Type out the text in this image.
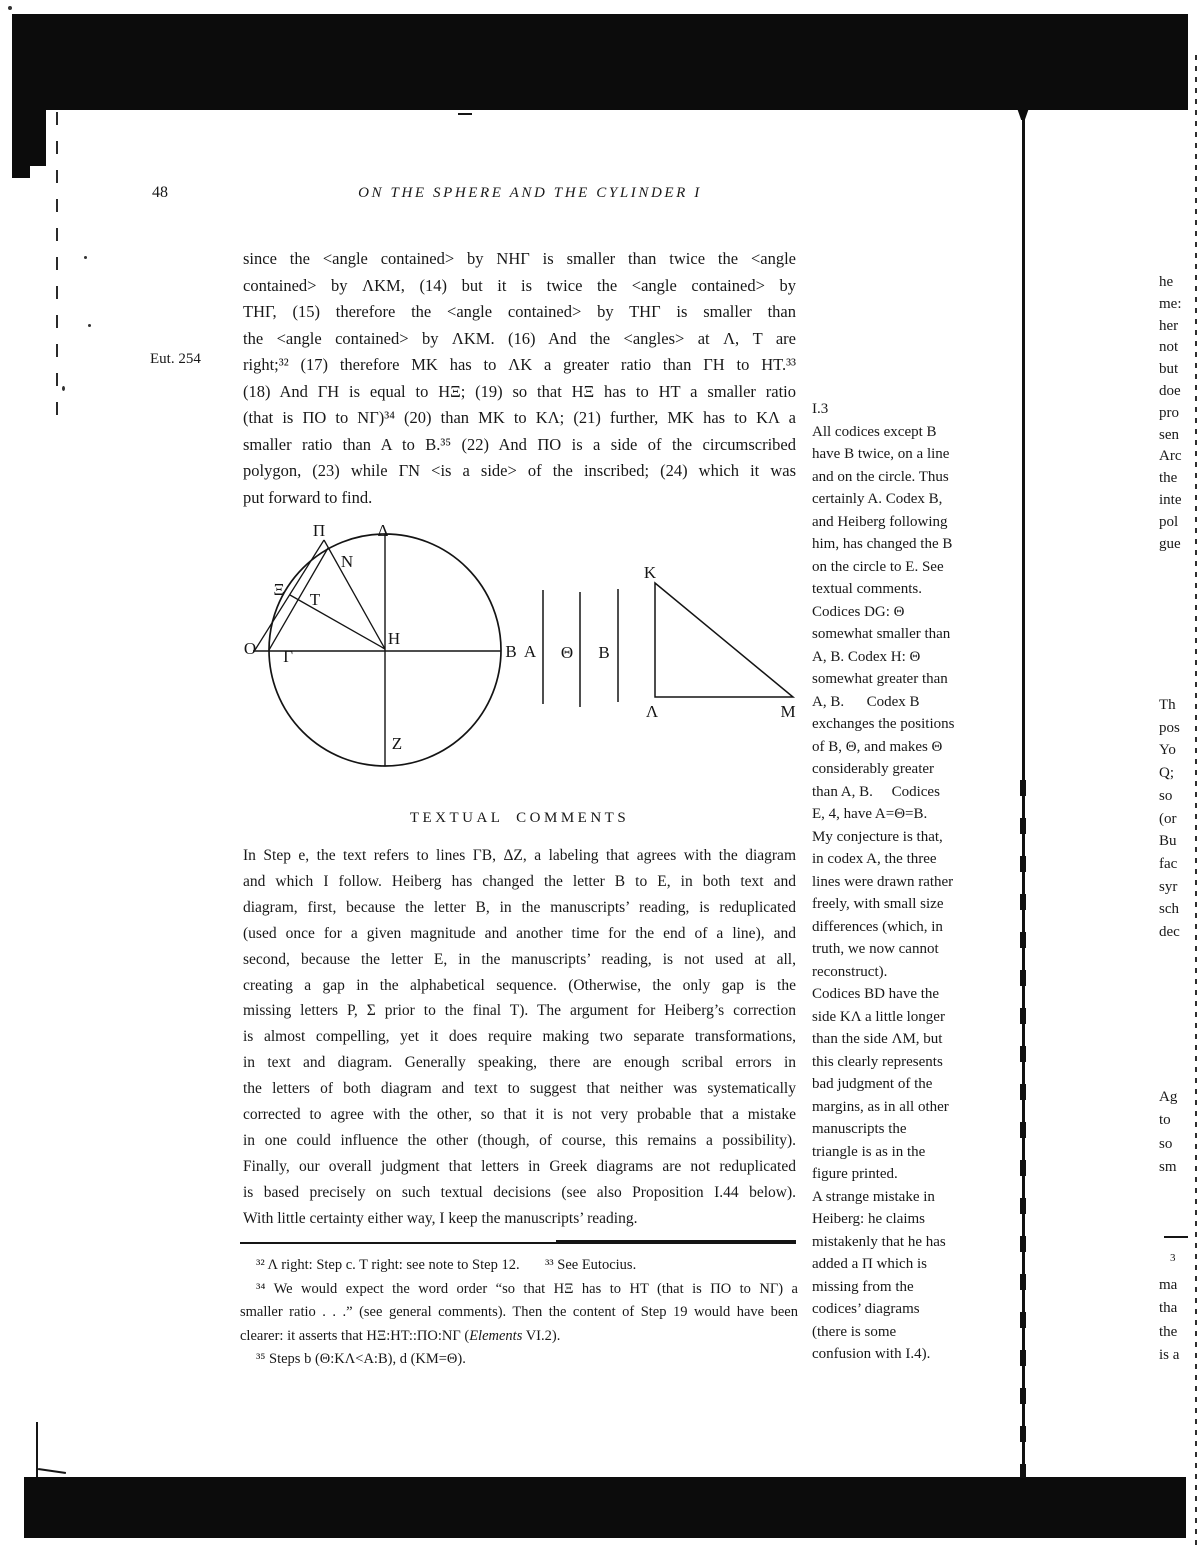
48	ON THE SPHERE AND THE CYLINDER I
Eut. 254
since the <angle contained> by NHΓ is smaller than twice the <angle
contained> by ΛKM, (14) but it is twice the <angle contained> by
THΓ, (15) therefore the <angle contained> by THΓ is smaller than
the <angle contained> by ΛKM. (16) And the <angles> at Λ, T are
right;³² (17) therefore MK has to ΛK a greater ratio than ΓH to HT.³³
(18) And ΓH is equal to HΞ; (19) so that HΞ has to HT a smaller ratio
(that is ΠO to NΓ)³⁴ (20) than MK to KΛ; (21) further, MK has to KΛ a
smaller ratio than A to B.³⁵ (22) And ΠO is a side of the circumscribed
polygon, (23) while ΓN <is a side> of the inscribed; (24) which it was
put forward to find.
Π	Δ
N
Ξ
T
O Γ
H
B A Θ B
K
Λ	M
Z
TEXTUAL COMMENTS
In Step e, the text refers to lines ΓB, ΔZ, a labeling that agrees with the diagram
and which I follow. Heiberg has changed the letter B to E, in both text and
diagram, first, because the letter B, in the manuscripts’ reading, is reduplicated
(used once for a given magnitude and another time for the end of a line), and
second, because the letter E, in the manuscripts’ reading, is not used at all,
creating a gap in the alphabetical sequence. (Otherwise, the only gap is the
missing letters P, Σ prior to the final T). The argument for Heiberg’s correction
is almost compelling, yet it does require making two separate transformations,
in text and diagram. Generally speaking, there are enough scribal errors in
the letters of both diagram and text to suggest that neither was systematically
corrected to agree with the other, so that it is not very probable that a mistake
in one could influence the other (though, of course, this remains a possibility).
Finally, our overall judgment that letters in Greek diagrams are not reduplicated
is based precisely on such textual decisions (see also Proposition I.44 below).
With little certainty either way, I keep the manuscripts’ reading.
³² Λ right: Step c. T right: see note to Step 12.       ³³ See Eutocius.
³⁴ We would expect the word order “so that HΞ has to HT (that is ΠO to NΓ) a
smaller ratio . . .” (see general comments). Then the content of Step 19 would have been
clearer: it asserts that HΞ:HT::ΠO:NΓ (Elements VI.2).
³⁵ Steps b (Θ:KΛ<A:B), d (KM=Θ).
I.3
All codices except B
have B twice, on a line
and on the circle. Thus
certainly A. Codex B,
and Heiberg following
him, has changed the B
on the circle to E. See
textual comments.
Codices DG: Θ
somewhat smaller than
A, B. Codex H: Θ
somewhat greater than
A, B.      Codex B
exchanges the positions
of B, Θ, and makes Θ
considerably greater
than A, B.     Codices
E, 4, have A=Θ=B.
My conjecture is that,
in codex A, the three
lines were drawn rather
freely, with small size
differences (which, in
truth, we now cannot
reconstruct).
Codices BD have the
side KΛ a little longer
than the side ΛM, but
this clearly represents
bad judgment of the
margins, as in all other
manuscripts the
triangle is as in the
figure printed.
A strange mistake in
Heiberg: he claims
mistakenly that he has
added a Π which is
missing from the
codices’ diagrams
(there is some
confusion with I.4).
he
me:
her
not
but
doe
pro
sen
Arc
the
inte
pol
gue
Th
pos
Yo
Q;
so
(or
Bu
fac
syr
sch
dec
Ag
to
so
sm
3
ma
tha
the
is a
